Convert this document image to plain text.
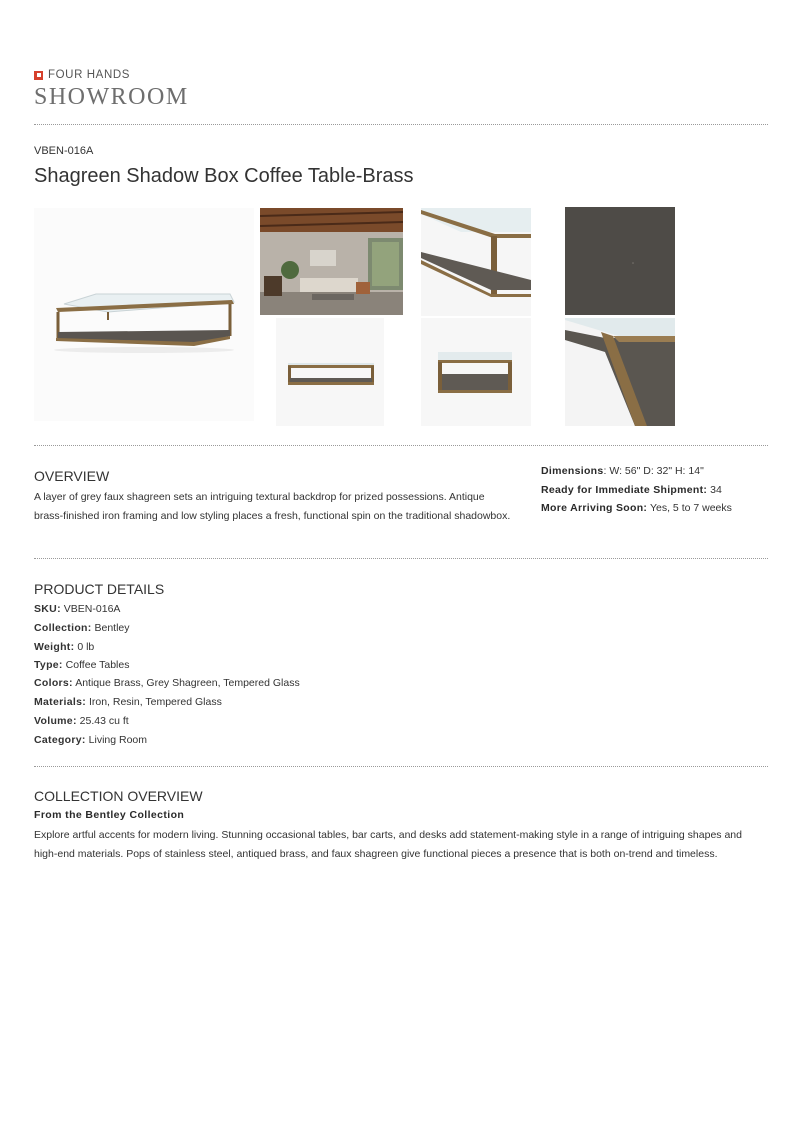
FOUR HANDS
SHOWROOM
VBEN-016A
Shagreen Shadow Box Coffee Table-Brass
OVERVIEW
A layer of grey faux shagreen sets an intriguing textural backdrop for prized possessions. Antique brass-finished iron framing and low styling places a fresh, functional spin on the traditional shadowbox.
Dimensions: W: 56" D: 32" H: 14"
Ready for Immediate Shipment: 34
More Arriving Soon: Yes, 5 to 7 weeks
PRODUCT DETAILS
SKU: VBEN-016A
Collection: Bentley
Weight: 0 lb
Type: Coffee Tables
Colors: Antique Brass, Grey Shagreen, Tempered Glass
Materials: Iron, Resin, Tempered Glass
Volume: 25.43 cu ft
Category: Living Room
COLLECTION OVERVIEW
From the Bentley Collection
Explore artful accents for modern living. Stunning occasional tables, bar carts, and desks add statement-making style in a range of intriguing shapes and high-end materials. Pops of stainless steel, antiqued brass, and faux shagreen give functional pieces a presence that is both on-trend and timeless.
